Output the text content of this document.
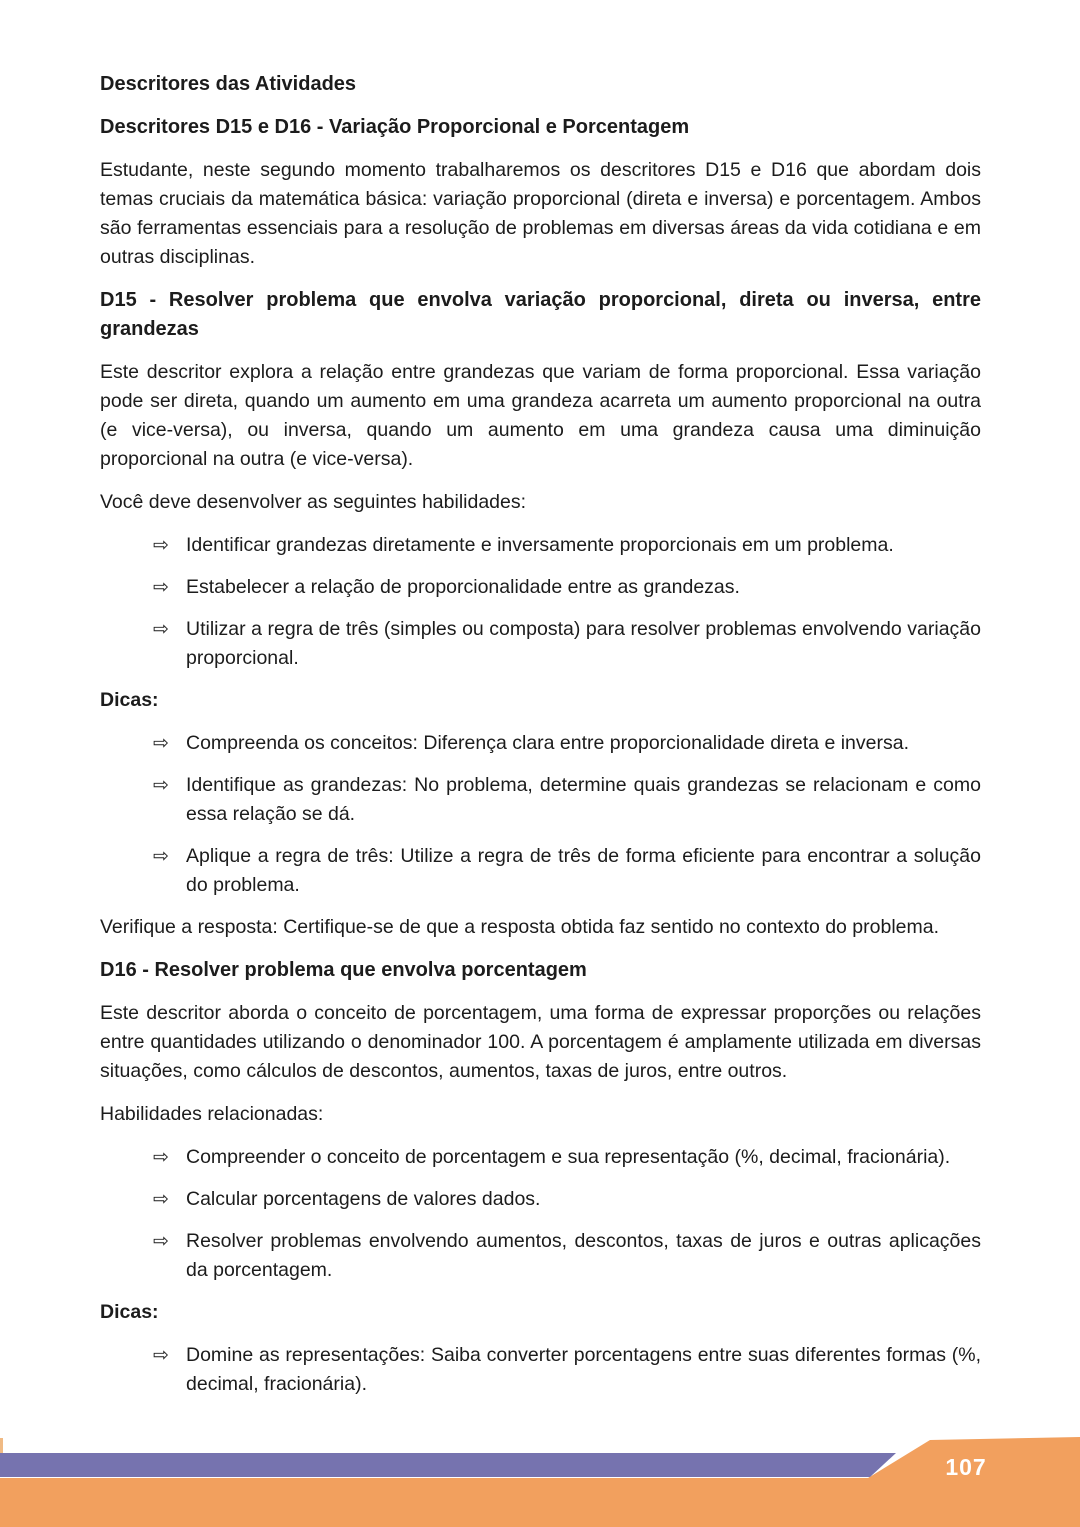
Descritores das Atividades
Descritores D15 e D16 - Variação Proporcional e Porcentagem

Estudante, neste segundo momento trabalharemos os descritores D15 e D16 que abordam dois temas cruciais da matemática básica: variação proporcional (direta e inversa) e porcentagem. Ambos são ferramentas essenciais para a resolução de problemas em diversas áreas da vida cotidiana e em outras disciplinas.

D15 - Resolver problema que envolva variação proporcional, direta ou inversa, entre grandezas

Este descritor explora a relação entre grandezas que variam de forma proporcional. Essa variação pode ser direta, quando um aumento em uma grandeza acarreta um aumento proporcional na outra (e vice-versa), ou inversa, quando um aumento em uma grandeza causa uma diminuição proporcional na outra (e vice-versa).

Você deve desenvolver as seguintes habilidades:

⇨ Identificar grandezas diretamente e inversamente proporcionais em um problema.
⇨ Estabelecer a relação de proporcionalidade entre as grandezas.
⇨ Utilizar a regra de três (simples ou composta) para resolver problemas envolvendo variação proporcional.
Dicas:
⇨ Compreenda os conceitos: Diferença clara entre proporcionalidade direta e inversa.
⇨ Identifique as grandezas: No problema, determine quais grandezas se relacionam e como essa relação se dá.
⇨ Aplique a regra de três: Utilize a regra de três de forma eficiente para encontrar a solução do problema.

Verifique a resposta: Certifique-se de que a resposta obtida faz sentido no contexto do problema.

D16 - Resolver problema que envolva porcentagem

Este descritor aborda o conceito de porcentagem, uma forma de expressar proporções ou relações entre quantidades utilizando o denominador 100. A porcentagem é amplamente utilizada em diversas situações, como cálculos de descontos, aumentos, taxas de juros, entre outros.

Habilidades relacionadas:

⇨ Compreender o conceito de porcentagem e sua representação (%, decimal, fracionária).
⇨ Calcular porcentagens de valores dados.
⇨ Resolver problemas envolvendo aumentos, descontos, taxas de juros e outras aplicações da porcentagem.
Dicas:
⇨ Domine as representações: Saiba converter porcentagens entre suas diferentes formas (%, decimal, fracionária).
107
